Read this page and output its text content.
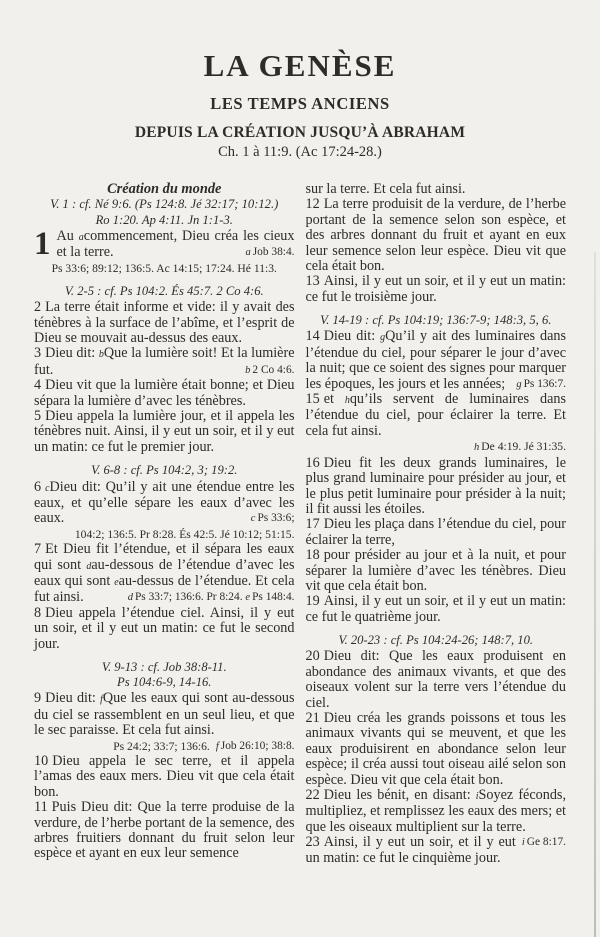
LA GENÈSE
LES TEMPS ANCIENS
DEPUIS LA CRÉATION JUSQU’À ABRAHAM
Ch. 1 à 11:9. (Ac 17:24-28.)
Création du monde
V. 1 : cf. Né 9:6. (Ps 124:8. Jé 32:17; 10:12.)
Ro 1:20. Ap 4:11. Jn 1:1-3.

1 Au acommencement, Dieu créa les cieux et la terre.	a Job 38:4.

Ps 33:6; 89:12; 136:5. Ac 14:15; 17:24. Hé 11:3.
V. 2-5 : cf. Ps 104:2. És 45:7. 2 Co 4:6.

2 La terre était informe et vide: il y avait des ténèbres à la surface de l’abîme, et l’esprit de Dieu se mouvait au-dessus des eaux.

3 Dieu dit: bQue la lumière soit! Et la lumière fut.	b 2 Co 4:6.

4 Dieu vit que la lumière était bonne; et Dieu sépara la lumière d’avec les ténèbres.

5 Dieu appela la lumière jour, et il appela les ténèbres nuit. Ainsi, il y eut un soir, et il y eut un matin: ce fut le premier jour.

V. 6-8 : cf. Ps 104:2, 3; 19:2.

6 cDieu dit: Qu’il y ait une étendue entre les eaux, et qu’elle sépare les eaux d’avec les eaux.	c Ps 33:6;

104:2; 136:5. Pr 8:28. És 42:5. Jé 10:12; 51:15.

7 Et Dieu fit l’étendue, et il sépara les eaux qui sont dau-dessous de l’étendue d’avec les eaux qui sont eau-dessus de l’étendue. Et cela fut ainsi.	d Ps 33:7; 136:6. Pr 8:24. e Ps 148:4.

8 Dieu appela l’étendue ciel. Ainsi, il y eut un soir, et il y eut un matin: ce fut le second jour.

V. 9-13 : cf. Job 38:8-11.
Ps 104:6-9, 14-16.

9 Dieu dit: fQue les eaux qui sont au-dessous du ciel se rassemblent en un seul lieu, et que le sec paraisse. Et cela fut ainsi.
f Job 26:10; 38:8.

Ps 24:2; 33:7; 136:6.

10 Dieu appela le sec terre, et il appela l’amas des eaux mers. Dieu vit que cela était bon.

11 Puis Dieu dit: Que la terre produise de la verdure, de l’herbe portant de la semence, des arbres fruitiers donnant du fruit selon leur espèce et ayant en eux leur semence

sur la terre. Et cela fut ainsi.

12 La terre produisit de la verdure, de l’herbe portant de la semence selon son espèce, et des arbres donnant du fruit et ayant en eux leur semence selon leur espèce. Dieu vit que cela était bon.

13 Ainsi, il y eut un soir, et il y eut un matin: ce fut le troisième jour.

V. 14-19 : cf. Ps 104:19; 136:7-9; 148:3, 5, 6.

14 Dieu dit: gQu’il y ait des luminaires dans l’étendue du ciel, pour séparer le jour d’avec la nuit; que ce soient des signes pour marquer les époques, les jours et les années;	g Ps 136:7.

15 et hqu’ils servent de luminaires dans l’étendue du ciel, pour éclairer la terre. Et cela fut ainsi.

h De 4:19. Jé 31:35.

16 Dieu fit les deux grands luminaires, le plus grand luminaire pour présider au jour, et le plus petit luminaire pour présider à la nuit; il fit aussi les étoiles.

17 Dieu les plaça dans l’étendue du ciel, pour éclairer la terre,

18 pour présider au jour et à la nuit, et pour séparer la lumière d’avec les ténèbres. Dieu vit que cela était bon.

19 Ainsi, il y eut un soir, et il y eut un matin: ce fut le quatrième jour.

V. 20-23 : cf. Ps 104:24-26; 148:7, 10.

20 Dieu dit: Que les eaux produisent en abondance des animaux vivants, et que des oiseaux volent sur la terre vers l’étendue du ciel.

21 Dieu créa les grands poissons et tous les animaux vivants qui se meuvent, et que les eaux produisirent en abondance selon leur espèce; il créa aussi tout oiseau ailé selon son espèce. Dieu vit que cela était bon.

22 Dieu les bénit, en disant: iSoyez féconds, multipliez, et remplissez les eaux des mers; et que les oiseaux multiplient sur la terre.
i Ge 8:17.

23 Ainsi, il y eut un soir, et il y eut un matin: ce fut le cinquième jour.
